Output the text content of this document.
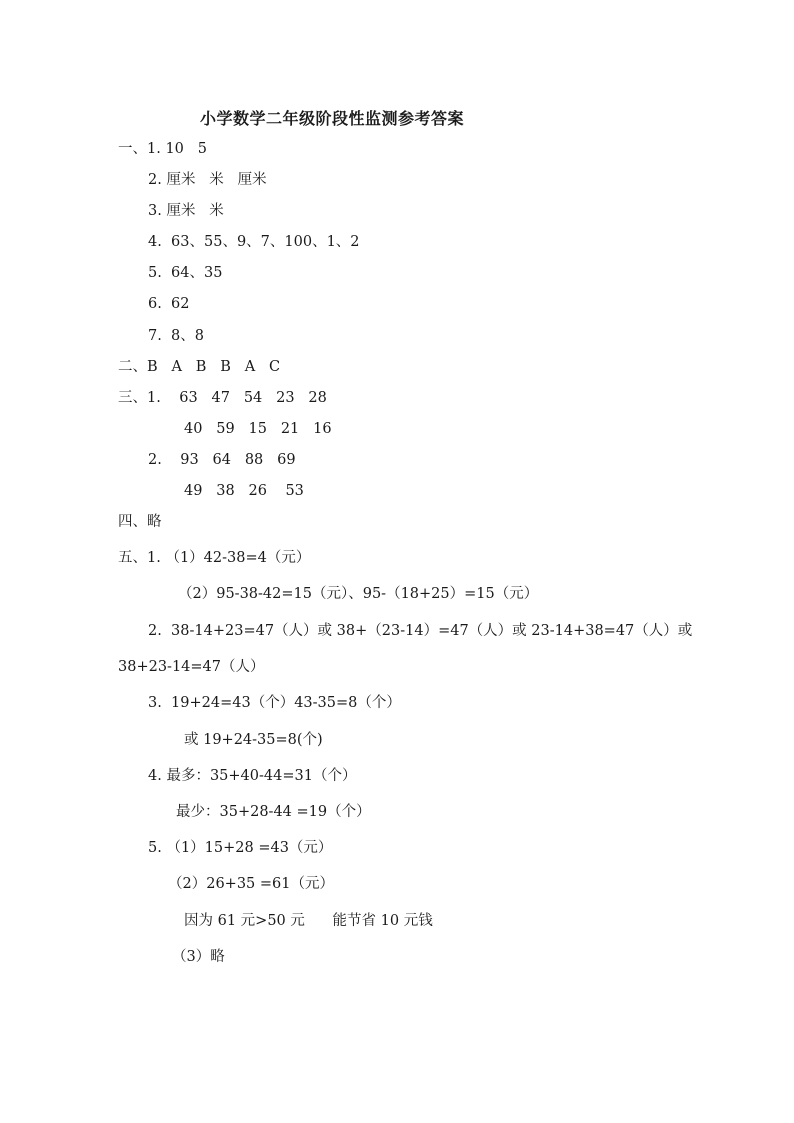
小学数学二年级阶段性监测参考答案
一、1. 10   5
2. 厘米   米   厘米
3. 厘米   米
4.  63、55、9、7、100、1、2
5.  64、35
6.  62
7.  8、8
二、B   A   B   B   A   C
三、1.    63   47   54   23   28
40   59   15   21   16
2.    93   64   88   69
49   38   26    53
四、略
五、1. （1）42-38=4（元）
（2）95-38-42=15（元）、95-（18+25）=15（元）
2.  38-14+23=47（人）或 38+（23-14）=47（人）或 23-14+38=47（人）或
38+23-14=47（人）
3.  19+24=43（个）43-35=8（个）
或 19+24-35=8(个)
4. 最多：35+40-44=31（个）
最少：35+28-44 =19（个）
5. （1）15+28 =43（元）
（2）26+35 =61（元）
因为 61 元>50 元      能节省 10 元钱
（3）略
